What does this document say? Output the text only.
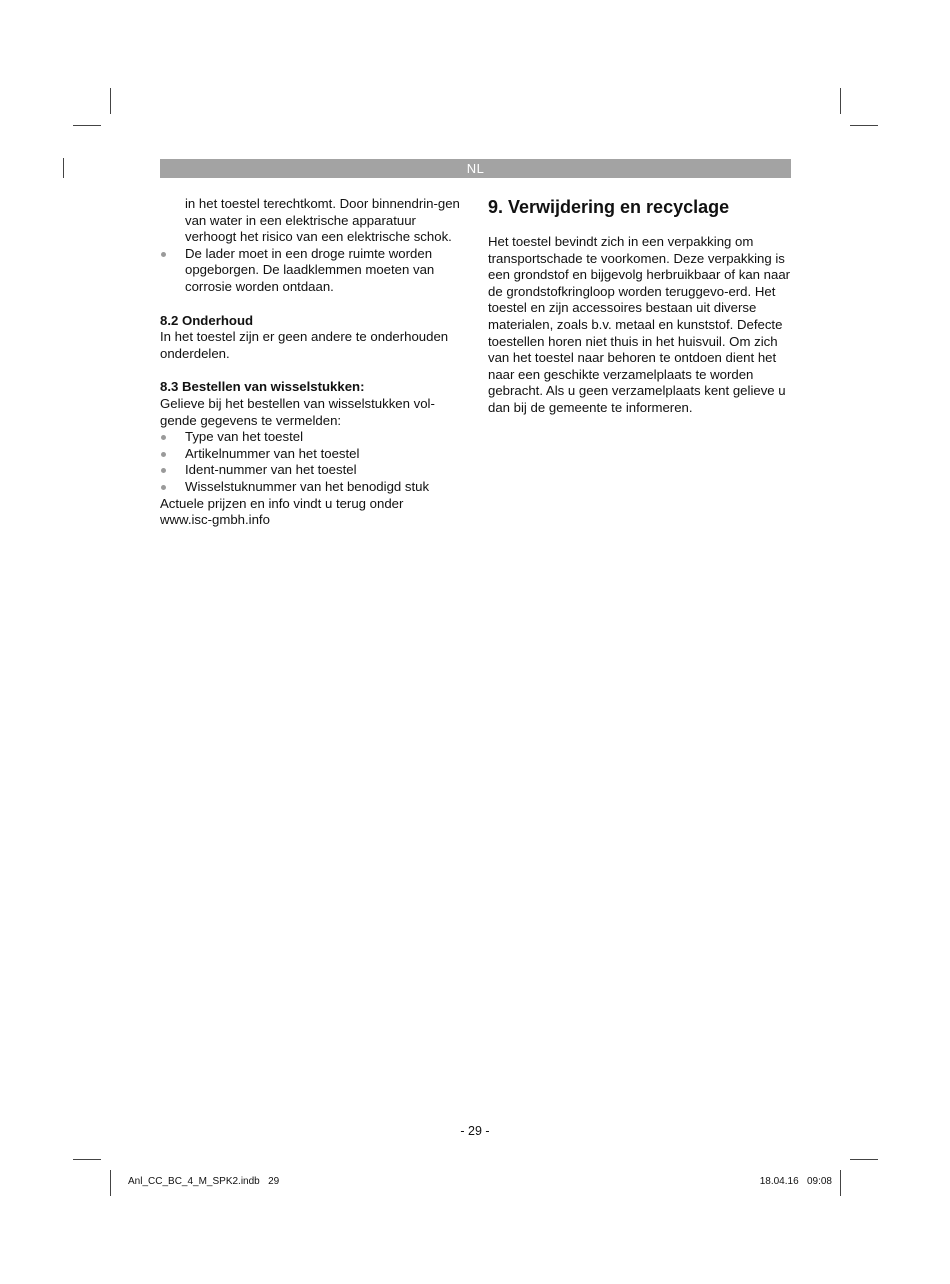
NL

in het toestel terechtkomt. Door binnendrin-gen van water in een elektrische apparatuur verhoogt het risico van een elektrische schok.

De lader moet in een droge ruimte worden opgeborgen. De laadklemmen moeten van corrosie worden ontdaan.
8.2 Onderhoud

In het toestel zijn er geen andere te onderhouden onderdelen.

8.3 Bestellen van wisselstukken:

Gelieve bij het bestellen van wisselstukken vol-gende gegevens te vermelden:

Type van het toestel
Artikelnummer van het toestel
Ident-nummer van het toestel
Wisselstuknummer van het benodigd stuk

Actuele prijzen en info vindt u terug onder www.isc-gmbh.info

9. Verwijdering en recyclage

Het toestel bevindt zich in een verpakking om transportschade te voorkomen. Deze verpakking is een grondstof en bijgevolg herbruikbaar of kan naar de grondstofkringloop worden teruggevo-erd. Het toestel en zijn accessoires bestaan uit diverse materialen, zoals b.v. metaal en kunststof. Defecte toestellen horen niet thuis in het huisvuil. Om zich van het toestel naar behoren te ontdoen dient het naar een geschikte verzamelplaats te worden gebracht. Als u geen verzamelplaats kent gelieve u dan bij de gemeente te informeren.

- 29 -
Anl_CC_BC_4_M_SPK2.indb   29	18.04.16   09:08
